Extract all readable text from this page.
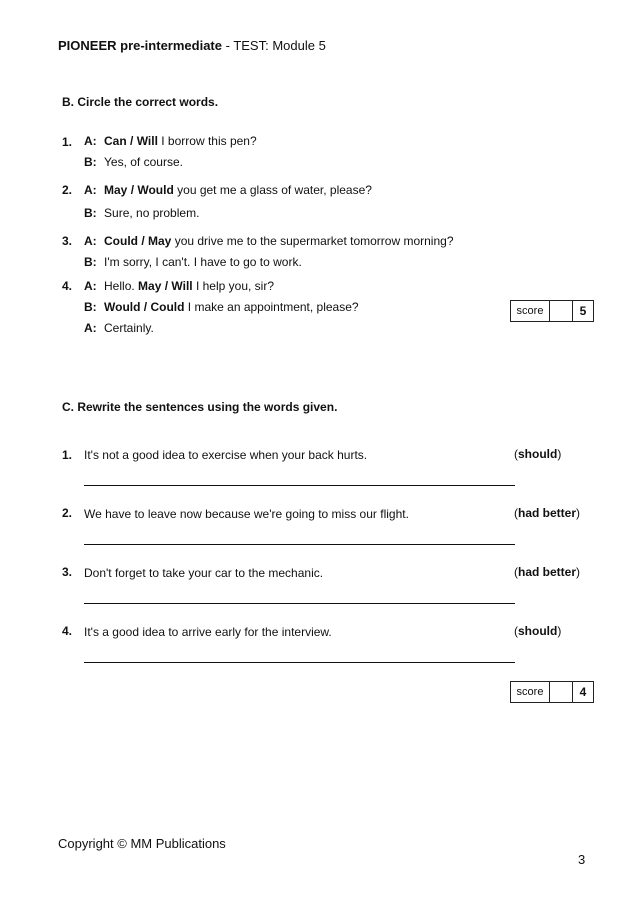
PIONEER pre-intermediate - TEST: Module 5
B. Circle the correct words.
1. A: Can / Will I borrow this pen?
B: Yes, of course.
2. A: May / Would you get me a glass of water, please?
B: Sure, no problem.
3. A: Could / May you drive me to the supermarket tomorrow morning?
B: I'm sorry, I can't. I have to go to work.
4. A: Hello. May / Will I help you, sir?
B: Would / Could I make an appointment, please?
A: Certainly.
score	5
C. Rewrite the sentences using the words given.
1. It's not a good idea to exercise when your back hurts.	(should)
2. We have to leave now because we're going to miss our flight.	(had better)
3. Don't forget to take your car to the mechanic.	(had better)
4. It's a good idea to arrive early for the interview.	(should)
score	4
Copyright © MM Publications
3
